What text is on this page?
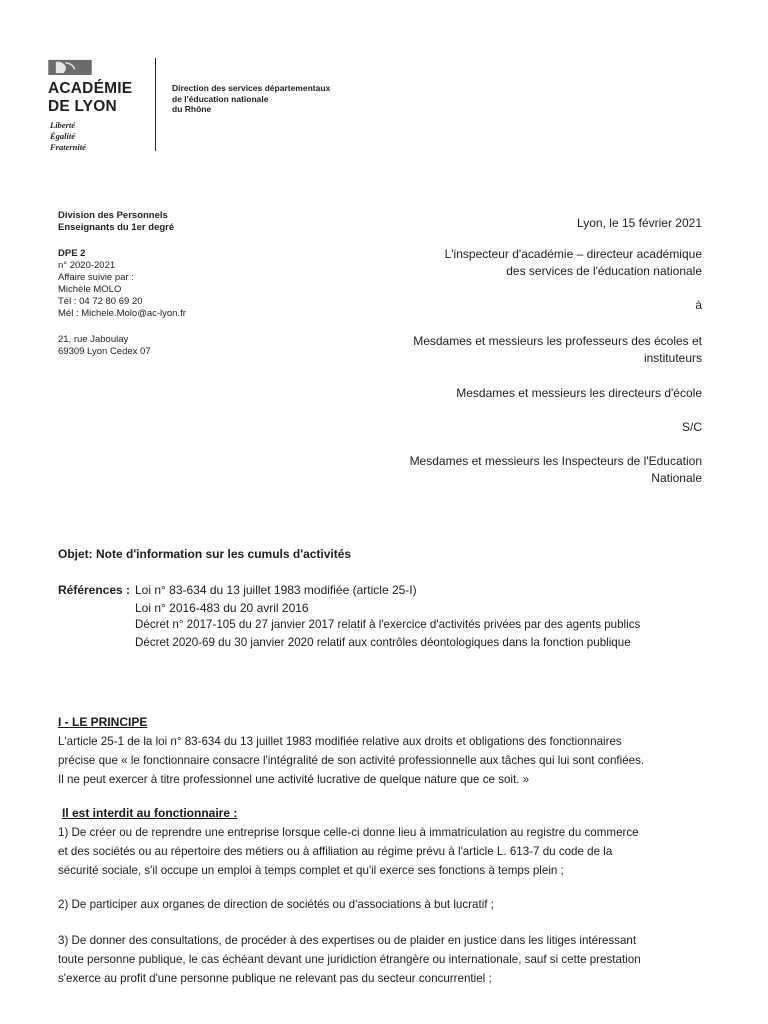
ACADÉMIE
DE LYON
Liberté
Égalité
Fraternité
Direction des services départementaux
de l'éducation nationale
du Rhône
Division des Personnels
Enseignants du 1er degré
DPE 2
n° 2020-2021
Affaire suivie par :
Michèle MOLO
Tél : 04 72 80 69 20
Mél : Michele.Molo@ac-lyon.fr
21, rue Jaboulay
69309 Lyon Cedex 07
Lyon, le 15 février 2021
L'inspecteur d'académie – directeur académique
des services de l'éducation nationale
à
Mesdames et messieurs les professeurs des écoles et
instituteurs
Mesdames et messieurs les directeurs d'école
S/C
Mesdames et messieurs les Inspecteurs de l'Education
Nationale
Objet: Note d'information sur les cumuls d'activités
Références : Loi n° 83-634 du 13 juillet 1983 modifiée (article 25-I)
Loi n° 2016-483 du 20 avril 2016
Décret n° 2017-105 du 27 janvier 2017 relatif à l'exercice d'activités privées par des agents publics
Décret 2020-69 du 30 janvier 2020 relatif aux contrôles déontologiques dans la fonction publique
I - LE PRINCIPE
L'article 25-1 de la loi n° 83-634 du 13 juillet 1983 modifiée relative aux droits et obligations des fonctionnaires
précise que « le fonctionnaire consacre l'intégralité de son activité professionnelle aux tâches qui lui sont confiées.
Il ne peut exercer à titre professionnel une activité lucrative de quelque nature que ce soit. »
Il est interdit au fonctionnaire :
1) De créer ou de reprendre une entreprise lorsque celle-ci donne lieu à immatriculation au registre du commerce
et des sociétés ou au répertoire des métiers ou à affiliation au régime prévu à l'article L. 613-7 du code de la
sécurité sociale, s'il occupe un emploi à temps complet et qu'il exerce ses fonctions à temps plein ;
2) De participer aux organes de direction de sociétés ou d'associations à but lucratif ;
3) De donner des consultations, de procéder à des expertises ou de plaider en justice dans les litiges intéressant
toute personne publique, le cas échéant devant une juridiction étrangère ou internationale, sauf si cette prestation
s'exerce au profit d'une personne publique ne relevant pas du secteur concurrentiel ;
